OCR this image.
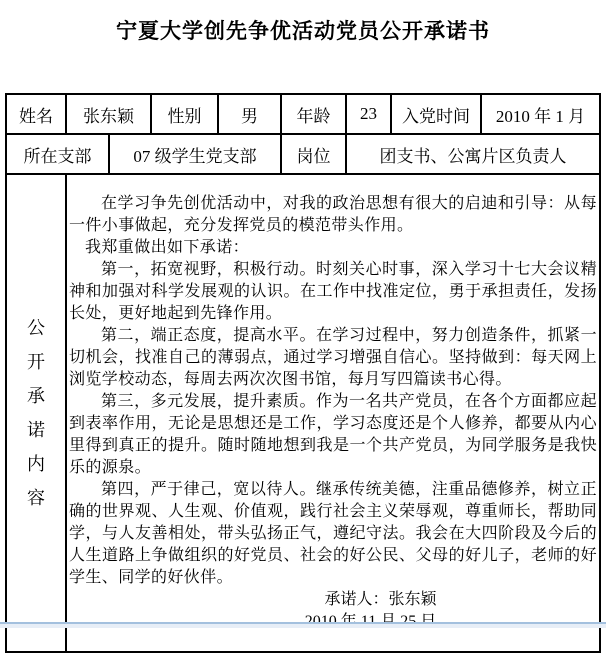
宁夏大学创先争优活动党员公开承诺书
姓名	张东颖		性别	男	年龄	23	入党时间	2010 年 1 月
所在支部		07 级学生党支部			岗位	团支书、公寓片区负责人		

公
开
承
诺
内
容

在学习争先创优活动中，对我的政治思想有很大的启迪和引导：从每一件小事做起，充分发挥党员的模范带头作用。

我郑重做出如下承诺：

第一，拓宽视野，积极行动。时刻关心时事，深入学习十七大会议精神和加强对科学发展观的认识。在工作中找准定位，勇于承担责任，发扬长处，更好地起到先锋作用。

第二，端正态度，提高水平。在学习过程中，努力创造条件，抓紧一切机会，找准自己的薄弱点，通过学习增强自信心。坚持做到：每天网上浏览学校动态，每周去两次次图书馆，每月写四篇读书心得。

第三，多元发展，提升素质。作为一名共产党员，在各个方面都应起到表率作用，无论是思想还是工作，学习态度还是个人修养，都要从内心里得到真正的提升。随时随地想到我是一个共产党员，为同学服务是我快乐的源泉。

第四，严于律己，宽以待人。继承传统美德，注重品德修养，树立正确的世界观、人生观、价值观，践行社会主义荣辱观，尊重师长，帮助同学，与人友善相处，带头弘扬正气，遵纪守法。我会在大四阶段及今后的人生道路上争做组织的好党员、社会的好公民、父母的好儿子，老师的好学生、同学的好伙伴。

承诺人：张东颖
